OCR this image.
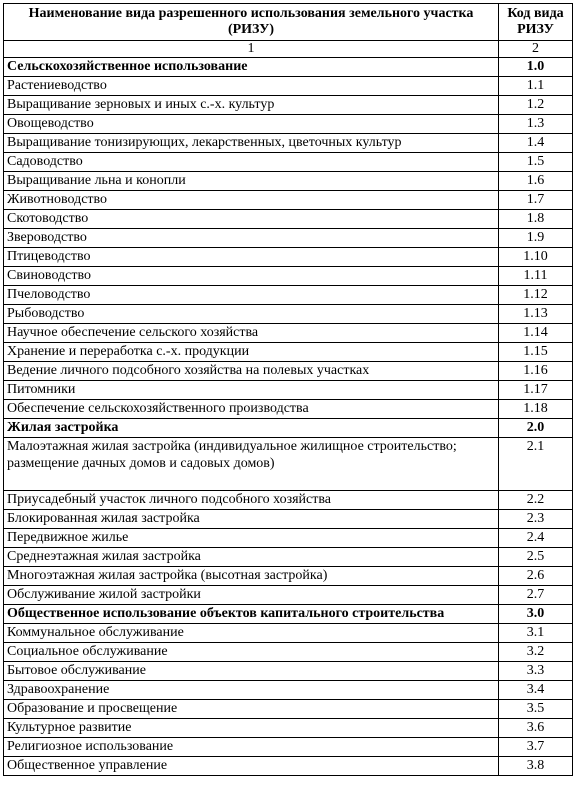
Наименование вида разрешенного использования земельного участка (РИЗУ)	Код вида РИЗУ
1	2
Сельскохозяйственное использование	1.0
Растениеводство	1.1
Выращивание зерновых и иных с.-х. культур	1.2
Овощеводство	1.3
Выращивание тонизирующих, лекарственных, цветочных культур	1.4
Садоводство	1.5
Выращивание льна и конопли	1.6
Животноводство	1.7
Скотоводство	1.8
Звероводство	1.9
Птицеводство	1.10
Свиноводство	1.11
Пчеловодство	1.12
Рыбоводство	1.13
Научное обеспечение сельского хозяйства	1.14
Хранение и переработка с.-х. продукции	1.15
Ведение личного подсобного хозяйства на полевых участках	1.16
Питомники	1.17
Обеспечение сельскохозяйственного производства	1.18
Жилая застройка	2.0
Малоэтажная жилая застройка (индивидуальное жилищное строительство; размещение дачных домов и садовых домов)	2.1
Приусадебный участок личного подсобного хозяйства	2.2
Блокированная жилая застройка	2.3
Передвижное жилье	2.4
Среднеэтажная жилая застройка	2.5
Многоэтажная жилая застройка (высотная застройка)	2.6
Обслуживание жилой застройки	2.7
Общественное использование объектов капитального строительства	3.0
Коммунальное обслуживание	3.1
Социальное обслуживание	3.2
Бытовое обслуживание	3.3
Здравоохранение	3.4
Образование и просвещение	3.5
Культурное развитие	3.6
Религиозное использование	3.7
Общественное управление	3.8
